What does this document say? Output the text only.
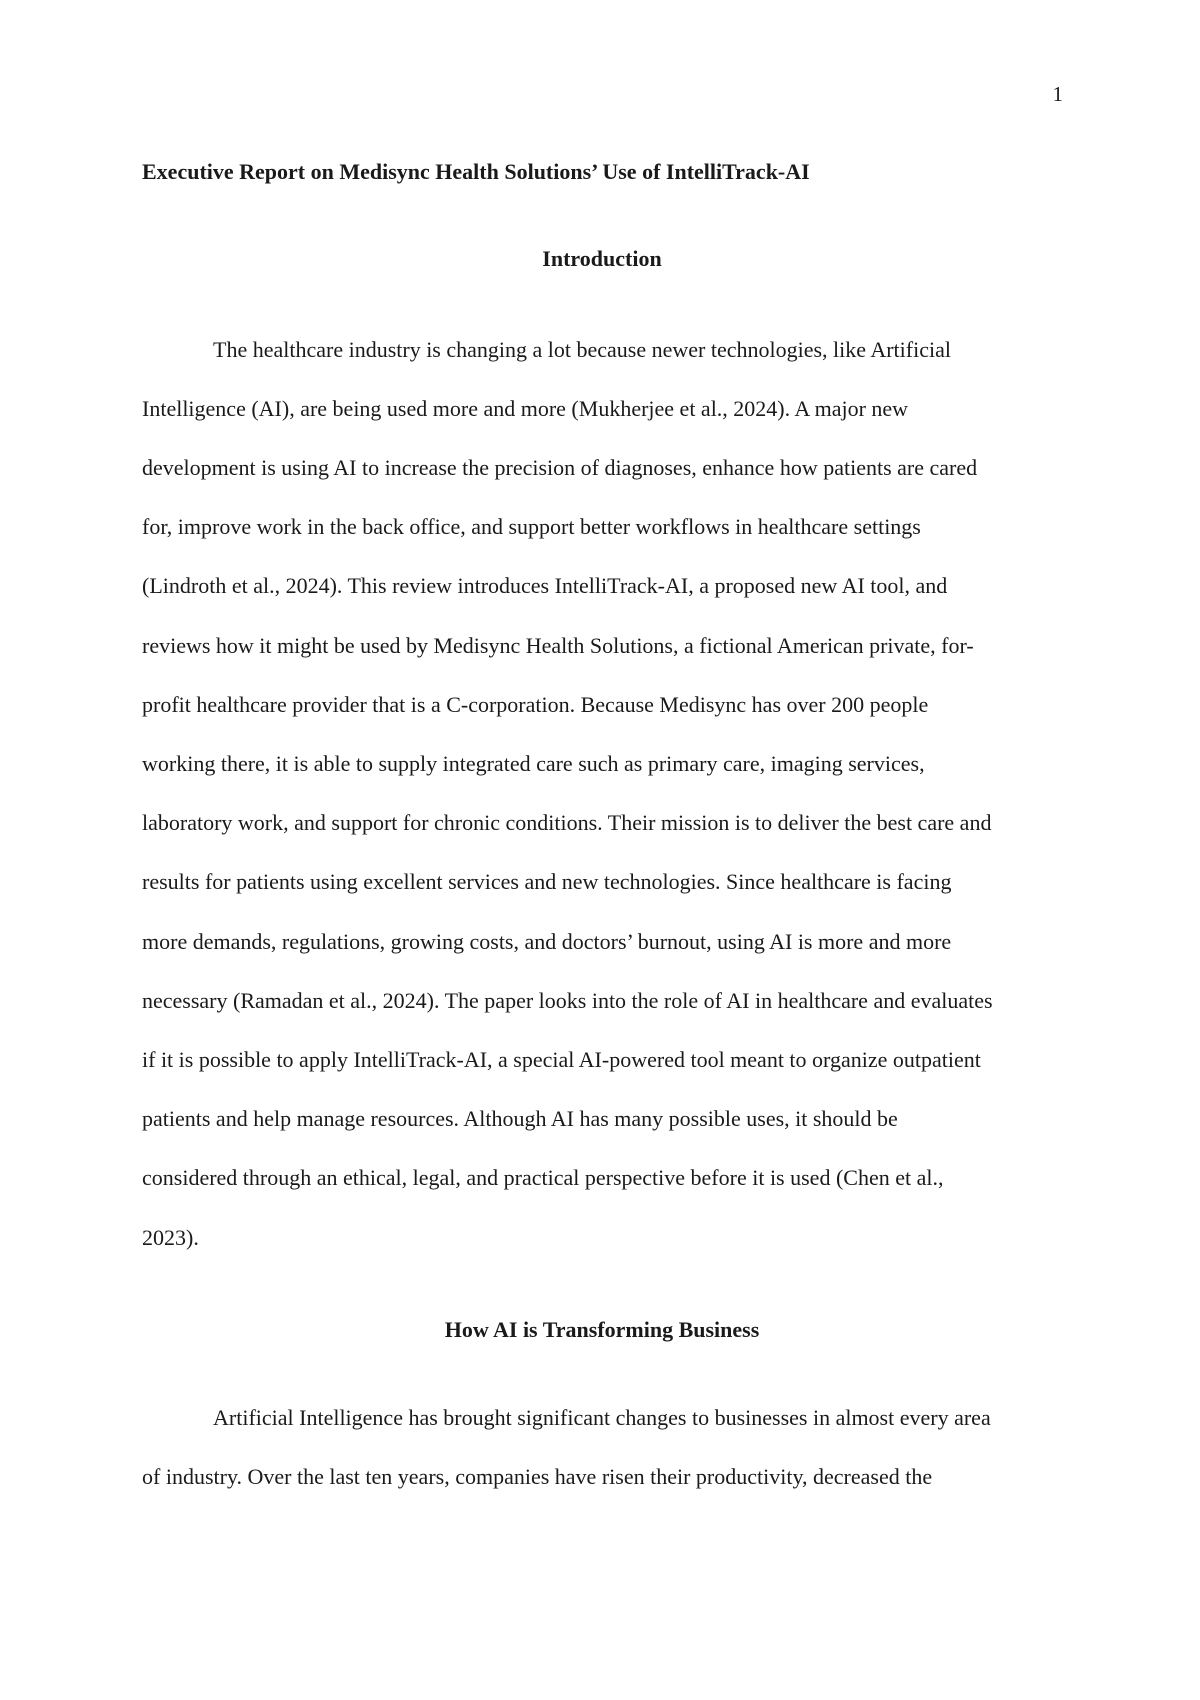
1
Executive Report on Medisync Health Solutions’ Use of IntelliTrack-AI
Introduction

The healthcare industry is changing a lot because newer technologies, like Artificial

Intelligence (AI), are being used more and more (Mukherjee et al., 2024). A major new

development is using AI to increase the precision of diagnoses, enhance how patients are cared

for, improve work in the back office, and support better workflows in healthcare settings

(Lindroth et al., 2024). This review introduces IntelliTrack-AI, a proposed new AI tool, and

reviews how it might be used by Medisync Health Solutions, a fictional American private, for-

profit healthcare provider that is a C-corporation. Because Medisync has over 200 people

working there, it is able to supply integrated care such as primary care, imaging services,

laboratory work, and support for chronic conditions. Their mission is to deliver the best care and

results for patients using excellent services and new technologies. Since healthcare is facing

more demands, regulations, growing costs, and doctors’ burnout, using AI is more and more

necessary (Ramadan et al., 2024). The paper looks into the role of AI in healthcare and evaluates

if it is possible to apply IntelliTrack-AI, a special AI-powered tool meant to organize outpatient

patients and help manage resources. Although AI has many possible uses, it should be

considered through an ethical, legal, and practical perspective before it is used (Chen et al.,

2023).

How AI is Transforming Business

Artificial Intelligence has brought significant changes to businesses in almost every area

of industry. Over the last ten years, companies have risen their productivity, decreased the
